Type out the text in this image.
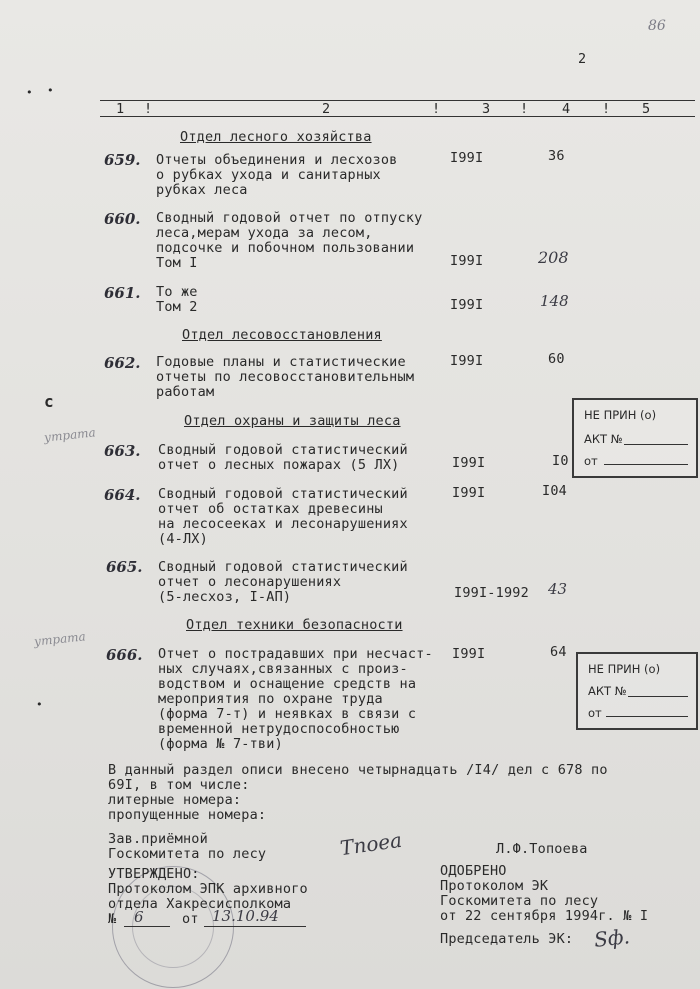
86
2
• •
c
•
1	2	3	4	5
!	!	!	!
Отдел лесного хозяйства
659. Отчеты объединения и лесхозов
о рубках ухода и санитарных
рубках леса
I99I	36
660. Сводный годовой отчет по отпуску
леса,мерам ухода за лесом,
подсочке и побочном пользовании
Том I	I99I	208
661. То же
Том 2	I99I	148
Отдел лесовосстановления
662. Годовые планы и статистические
отчеты по лесовосстановительным
работам
I99I	60
Отдел охраны и защиты леса
утрата
663. Сводный годовой статистический
отчет о лесных пожарах (5 ЛХ)	I99I	I0
664. Сводный годовой статистический
отчет об остатках древесины
на лесосееках и лесонарушениях
(4-ЛХ)
I99I	I04
665. Сводный годовой статистический
отчет о лесонарушениях
(5-лесхоз, I-АП)	I99I-1992 43
Отдел техники безопасности
утрата
666. Отчет о пострадавших при несчаст-
ных случаях,связанных с произ-
водством и оснащение средств на
мероприятия по охране труда
(форма 7-т) и неявках в связи с
временной нетрудоспособностью
(форма № 7-тви)
I99I	64
НЕ ПРИН (о)
АКТ №
от
НЕ ПРИН (о)
АКТ №
от
В данный раздел описи внесено четырнадцать /I4/ дел с 678 по
69I, в том числе:
литерные номера:
пропущенные номера:
Зав.приёмной
Госкомитета по лесу	Тпоеа	Л.Ф.Топоева
УТВЕРЖДЕНО:
Протоколом ЭПК архивного
отдела Хакресисполкома
№ 6	от 13.10.94
ОДОБРЕНО
Протоколом ЭК
Госкомитета по лесу
от 22 сентября 1994г. № I
Председатель ЭК: Sф.
